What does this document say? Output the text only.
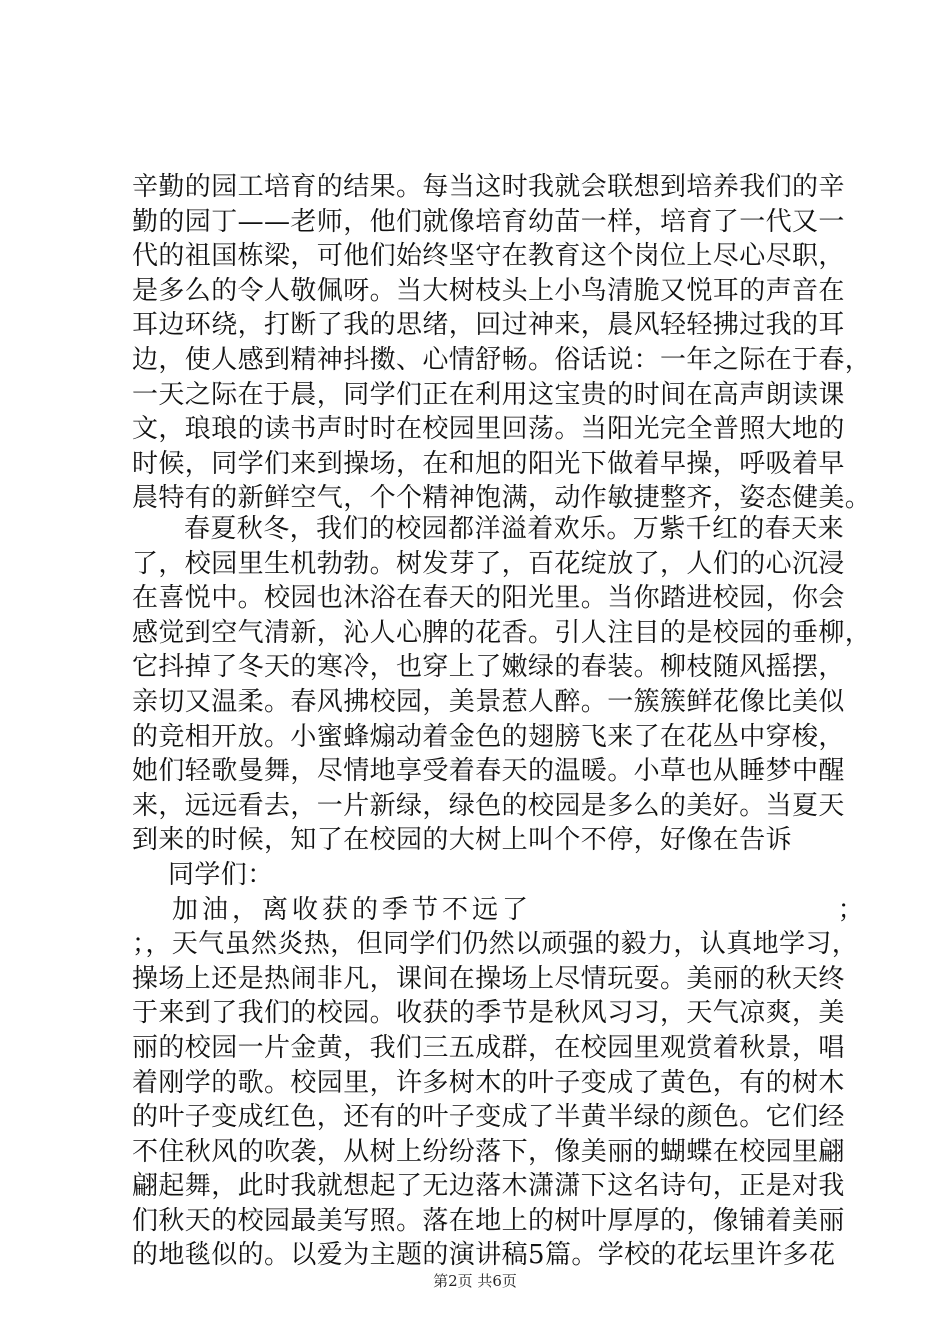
辛勤的园工培育的结果。每当这时我就会联想到培养我们的辛
勤的园丁——老师，他们就像培育幼苗一样，培育了一代又一
代的祖国栋梁，可他们始终坚守在教育这个岗位上尽心尽职，
是多么的令人敬佩呀。当大树枝头上小鸟清脆又悦耳的声音在
耳边环绕，打断了我的思绪，回过神来，晨风轻轻拂过我的耳
边，使人感到精神抖擞、心情舒畅。俗话说：一年之际在于春，
一天之际在于晨，同学们正在利用这宝贵的时间在高声朗读课
文，琅琅的读书声时时在校园里回荡。当阳光完全普照大地的
时候，同学们来到操场，在和旭的阳光下做着早操，呼吸着早
晨特有的新鲜空气，个个精神饱满，动作敏捷整齐，姿态健美。
春夏秋冬，我们的校园都洋溢着欢乐。万紫千红的春天来
了，校园里生机勃勃。树发芽了，百花绽放了，人们的心沉浸
在喜悦中。校园也沐浴在春天的阳光里。当你踏进校园，你会
感觉到空气清新，沁人心脾的花香。引人注目的是校园的垂柳，
它抖掉了冬天的寒冷，也穿上了嫩绿的春装。柳枝随风摇摆，
亲切又温柔。春风拂校园，美景惹人醉。一簇簇鲜花像比美似
的竞相开放。小蜜蜂煽动着金色的翅膀飞来了在花丛中穿梭，
她们轻歌曼舞，尽情地享受着春天的温暖。小草也从睡梦中醒
来，远远看去，一片新绿，绿色的校园是多么的美好。当夏天
到来的时候，知了在校园的大树上叫个不停，好像在告诉
同学们：
加油，离收获的季节不远了	；
；，天气虽然炎热，但同学们仍然以顽强的毅力，认真地学习，
操场上还是热闹非凡，课间在操场上尽情玩耍。美丽的秋天终
于来到了我们的校园。收获的季节是秋风习习，天气凉爽，美
丽的校园一片金黄，我们三五成群，在校园里观赏着秋景，唱
着刚学的歌。校园里，许多树木的叶子变成了黄色，有的树木
的叶子变成红色，还有的叶子变成了半黄半绿的颜色。它们经
不住秋风的吹袭，从树上纷纷落下，像美丽的蝴蝶在校园里翩
翩起舞，此时我就想起了无边落木潇潇下这名诗句，正是对我
们秋天的校园最美写照。落在地上的树叶厚厚的，像铺着美丽
的地毯似的。以爱为主题的演讲稿5篇。学校的花坛里许多花
第2页 共6页
